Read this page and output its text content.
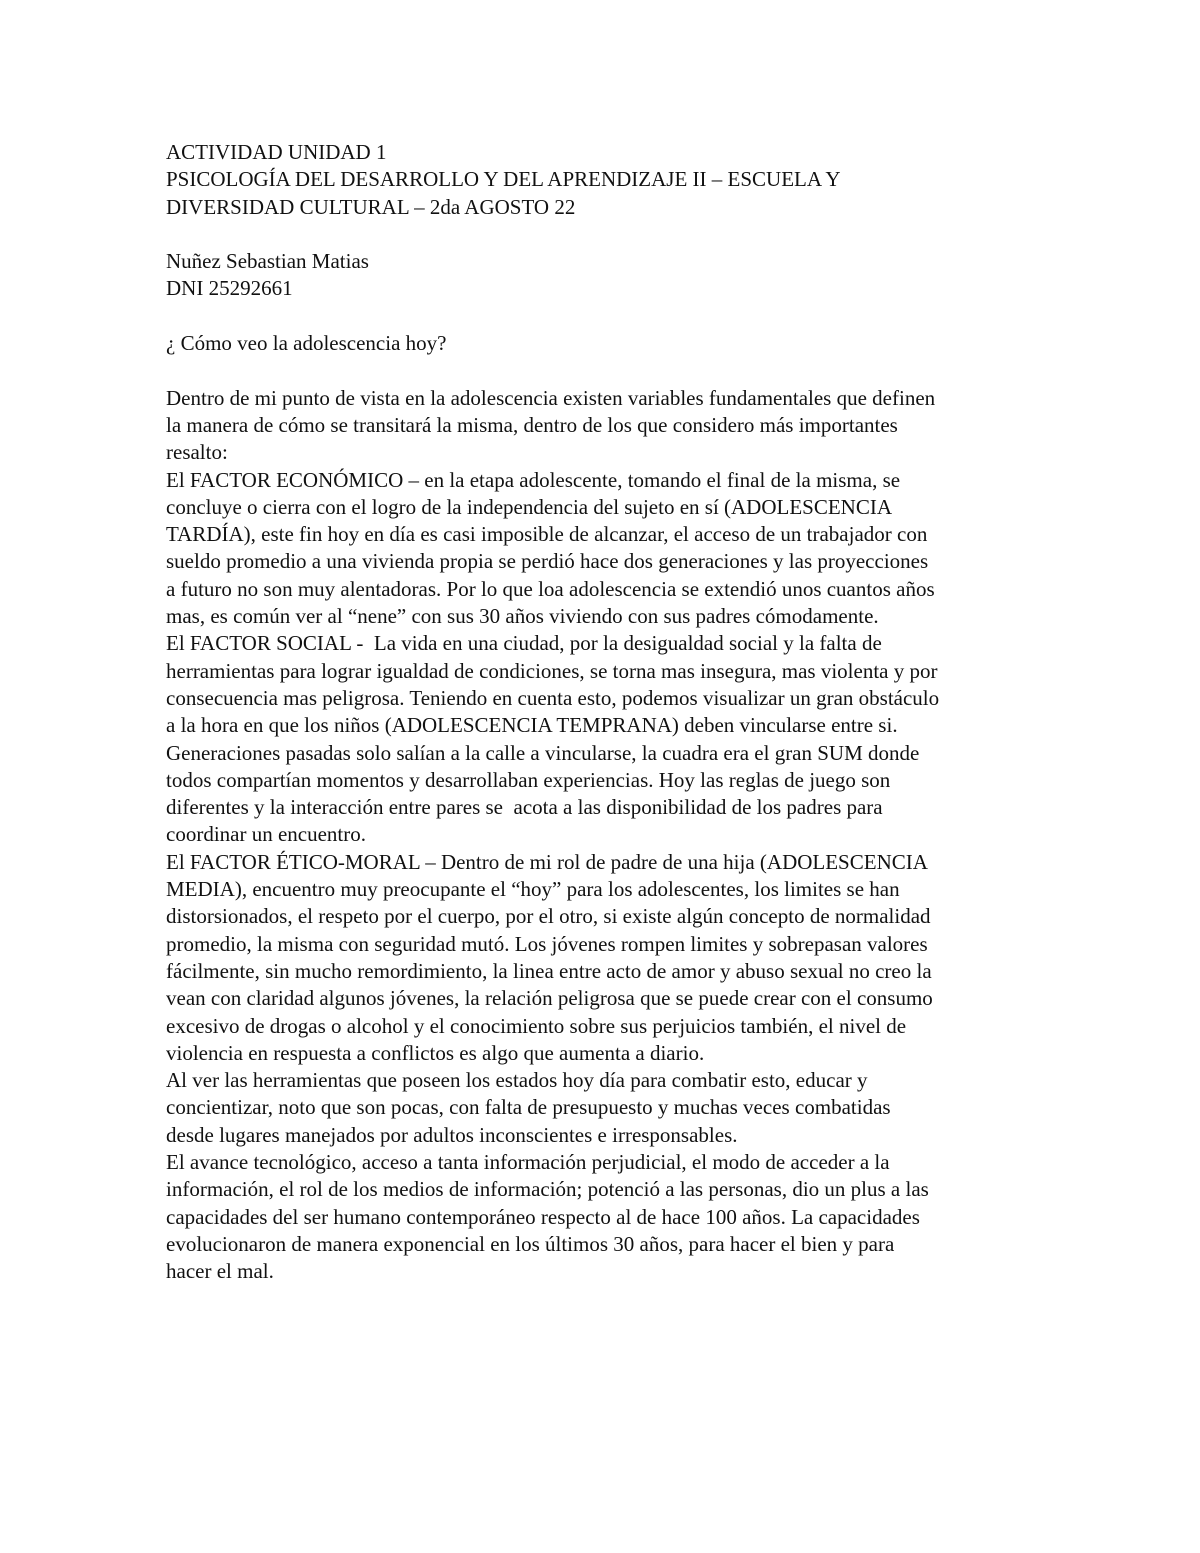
ACTIVIDAD UNIDAD 1
PSICOLOGÍA DEL DESARROLLO Y DEL APRENDIZAJE II – ESCUELA Y
DIVERSIDAD CULTURAL – 2da AGOSTO 22
Nuñez Sebastian Matias
DNI 25292661
¿ Cómo veo la adolescencia hoy?
Dentro de mi punto de vista en la adolescencia existen variables fundamentales que definen
la manera de cómo se transitará la misma, dentro de los que considero más importantes
resalto:
El FACTOR ECONÓMICO – en la etapa adolescente, tomando el final de la misma, se
concluye o cierra con el logro de la independencia del sujeto en sí (ADOLESCENCIA
TARDÍA), este fin hoy en día es casi imposible de alcanzar, el acceso de un trabajador con
sueldo promedio a una vivienda propia se perdió hace dos generaciones y las proyecciones
a futuro no son muy alentadoras. Por lo que loa adolescencia se extendió unos cuantos años
mas, es común ver al “nene” con sus 30 años viviendo con sus padres cómodamente.
El FACTOR SOCIAL -  La vida en una ciudad, por la desigualdad social y la falta de
herramientas para lograr igualdad de condiciones, se torna mas insegura, mas violenta y por
consecuencia mas peligrosa. Teniendo en cuenta esto, podemos visualizar un gran obstáculo
a la hora en que los niños (ADOLESCENCIA TEMPRANA) deben vincularse entre si.
Generaciones pasadas solo salían a la calle a vincularse, la cuadra era el gran SUM donde
todos compartían momentos y desarrollaban experiencias. Hoy las reglas de juego son
diferentes y la interacción entre pares se  acota a las disponibilidad de los padres para
coordinar un encuentro.
El FACTOR ÉTICO-MORAL – Dentro de mi rol de padre de una hija (ADOLESCENCIA
MEDIA), encuentro muy preocupante el “hoy” para los adolescentes, los limites se han
distorsionados, el respeto por el cuerpo, por el otro, si existe algún concepto de normalidad
promedio, la misma con seguridad mutó. Los jóvenes rompen limites y sobrepasan valores
fácilmente, sin mucho remordimiento, la linea entre acto de amor y abuso sexual no creo la
vean con claridad algunos jóvenes, la relación peligrosa que se puede crear con el consumo
excesivo de drogas o alcohol y el conocimiento sobre sus perjuicios también, el nivel de
violencia en respuesta a conflictos es algo que aumenta a diario.
Al ver las herramientas que poseen los estados hoy día para combatir esto, educar y
concientizar, noto que son pocas, con falta de presupuesto y muchas veces combatidas
desde lugares manejados por adultos inconscientes e irresponsables.
El avance tecnológico, acceso a tanta información perjudicial, el modo de acceder a la
información, el rol de los medios de información; potenció a las personas, dio un plus a las
capacidades del ser humano contemporáneo respecto al de hace 100 años. La capacidades
evolucionaron de manera exponencial en los últimos 30 años, para hacer el bien y para
hacer el mal.
